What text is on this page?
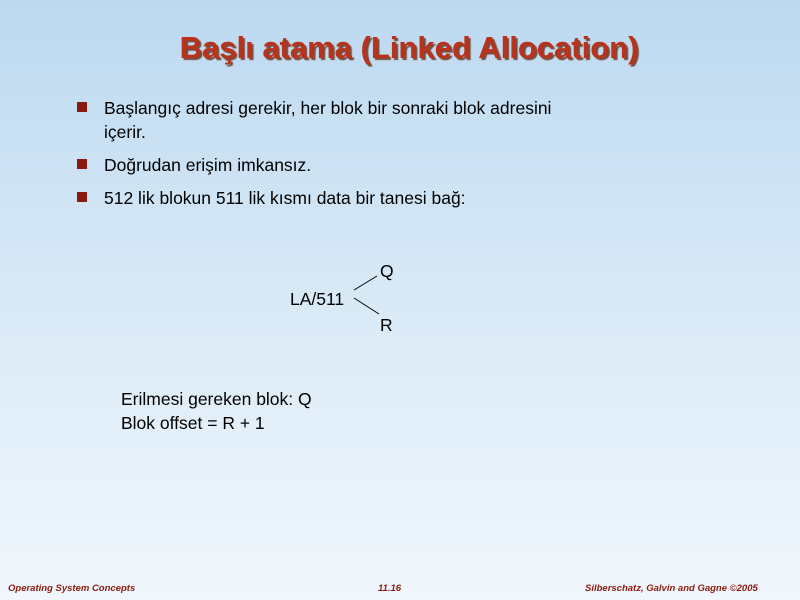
Başlı atama (Linked Allocation)
Başlangıç adresi gerekir, her blok bir sonraki blok adresini
içerir.
Doğrudan erişim imkansız.
512 lik blokun 511 lik kısmı data bir tanesi bağ:
LA/511
Q
R
Erilmesi gereken blok: Q
Blok offset = R + 1
Operating System Concepts	11.16	Silberschatz, Galvin and Gagne ©2005
